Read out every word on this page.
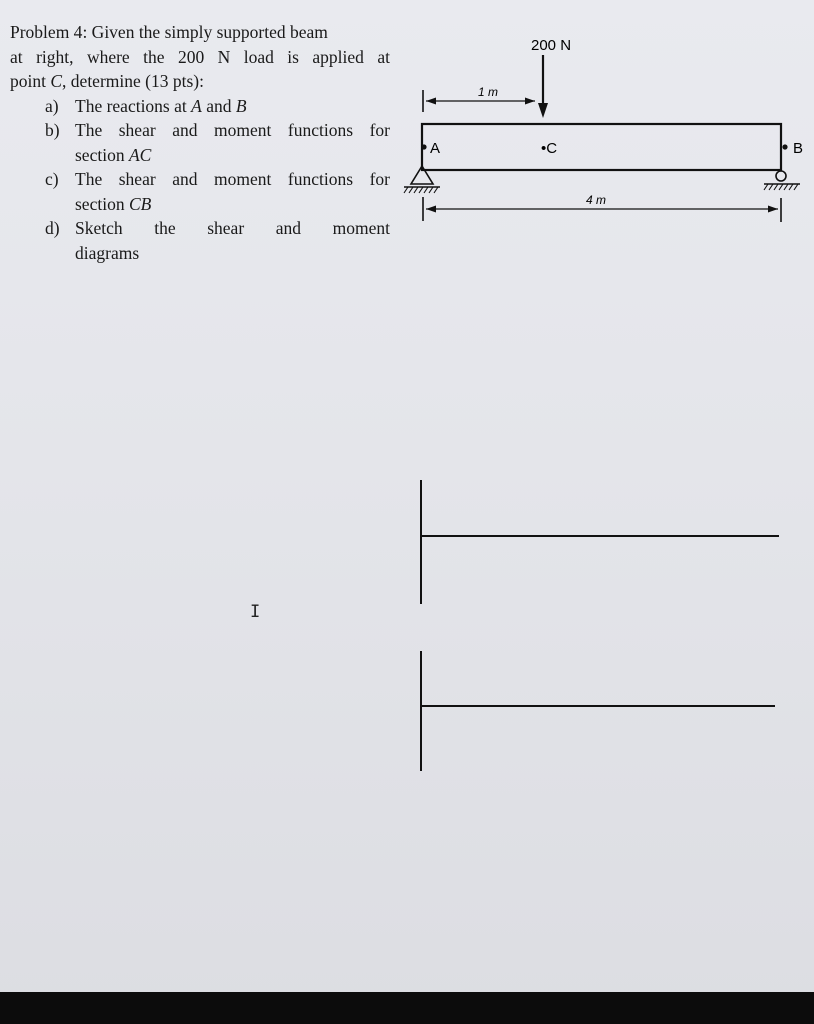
Problem 4: Given the simply supported beam

at right, where the 200 N load is applied at

point C, determine (13 pts):

a) The reactions at A and B
b) The shear and moment functions for
section AC
c) The shear and moment functions for
section CB
d) Sketch the shear and moment
diagrams
200 N
1 m
4 m
A	•C	B
I
